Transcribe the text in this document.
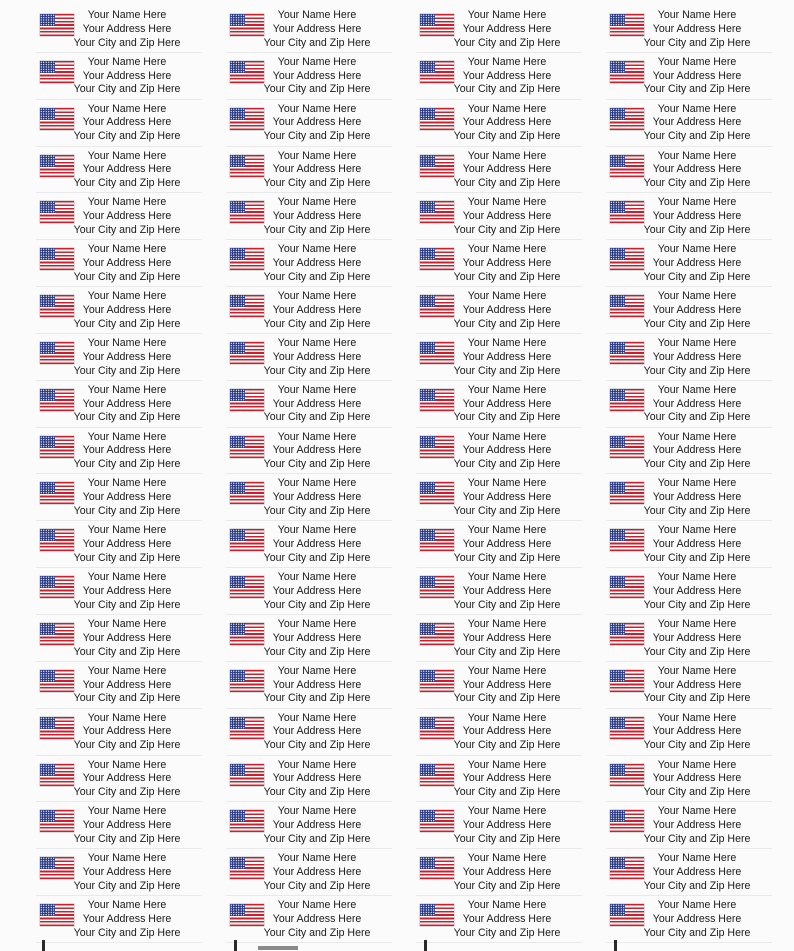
Your Name Here
Your Address Here
Your City and Zip Here
Your Name Here
Your Address Here
Your City and Zip Here
Your Name Here
Your Address Here
Your City and Zip Here
Your Name Here
Your Address Here
Your City and Zip Here
Your Name Here
Your Address Here
Your City and Zip Here
Your Name Here
Your Address Here
Your City and Zip Here
Your Name Here
Your Address Here
Your City and Zip Here
Your Name Here
Your Address Here
Your City and Zip Here
Your Name Here
Your Address Here
Your City and Zip Here
Your Name Here
Your Address Here
Your City and Zip Here
Your Name Here
Your Address Here
Your City and Zip Here
Your Name Here
Your Address Here
Your City and Zip Here
Your Name Here
Your Address Here
Your City and Zip Here
Your Name Here
Your Address Here
Your City and Zip Here
Your Name Here
Your Address Here
Your City and Zip Here
Your Name Here
Your Address Here
Your City and Zip Here
Your Name Here
Your Address Here
Your City and Zip Here
Your Name Here
Your Address Here
Your City and Zip Here
Your Name Here
Your Address Here
Your City and Zip Here
Your Name Here
Your Address Here
Your City and Zip Here
Your Name Here
Your Address Here
Your City and Zip Here
Your Name Here
Your Address Here
Your City and Zip Here
Your Name Here
Your Address Here
Your City and Zip Here
Your Name Here
Your Address Here
Your City and Zip Here
Your Name Here
Your Address Here
Your City and Zip Here
Your Name Here
Your Address Here
Your City and Zip Here
Your Name Here
Your Address Here
Your City and Zip Here
Your Name Here
Your Address Here
Your City and Zip Here
Your Name Here
Your Address Here
Your City and Zip Here
Your Name Here
Your Address Here
Your City and Zip Here
Your Name Here
Your Address Here
Your City and Zip Here
Your Name Here
Your Address Here
Your City and Zip Here
Your Name Here
Your Address Here
Your City and Zip Here
Your Name Here
Your Address Here
Your City and Zip Here
Your Name Here
Your Address Here
Your City and Zip Here
Your Name Here
Your Address Here
Your City and Zip Here
Your Name Here
Your Address Here
Your City and Zip Here
Your Name Here
Your Address Here
Your City and Zip Here
Your Name Here
Your Address Here
Your City and Zip Here
Your Name Here
Your Address Here
Your City and Zip Here
Your Name Here
Your Address Here
Your City and Zip Here
Your Name Here
Your Address Here
Your City and Zip Here
Your Name Here
Your Address Here
Your City and Zip Here
Your Name Here
Your Address Here
Your City and Zip Here
Your Name Here
Your Address Here
Your City and Zip Here
Your Name Here
Your Address Here
Your City and Zip Here
Your Name Here
Your Address Here
Your City and Zip Here
Your Name Here
Your Address Here
Your City and Zip Here
Your Name Here
Your Address Here
Your City and Zip Here
Your Name Here
Your Address Here
Your City and Zip Here
Your Name Here
Your Address Here
Your City and Zip Here
Your Name Here
Your Address Here
Your City and Zip Here
Your Name Here
Your Address Here
Your City and Zip Here
Your Name Here
Your Address Here
Your City and Zip Here
Your Name Here
Your Address Here
Your City and Zip Here
Your Name Here
Your Address Here
Your City and Zip Here
Your Name Here
Your Address Here
Your City and Zip Here
Your Name Here
Your Address Here
Your City and Zip Here
Your Name Here
Your Address Here
Your City and Zip Here
Your Name Here
Your Address Here
Your City and Zip Here
Your Name Here
Your Address Here
Your City and Zip Here
Your Name Here
Your Address Here
Your City and Zip Here
Your Name Here
Your Address Here
Your City and Zip Here
Your Name Here
Your Address Here
Your City and Zip Here
Your Name Here
Your Address Here
Your City and Zip Here
Your Name Here
Your Address Here
Your City and Zip Here
Your Name Here
Your Address Here
Your City and Zip Here
Your Name Here
Your Address Here
Your City and Zip Here
Your Name Here
Your Address Here
Your City and Zip Here
Your Name Here
Your Address Here
Your City and Zip Here
Your Name Here
Your Address Here
Your City and Zip Here
Your Name Here
Your Address Here
Your City and Zip Here
Your Name Here
Your Address Here
Your City and Zip Here
Your Name Here
Your Address Here
Your City and Zip Here
Your Name Here
Your Address Here
Your City and Zip Here
Your Name Here
Your Address Here
Your City and Zip Here
Your Name Here
Your Address Here
Your City and Zip Here
Your Name Here
Your Address Here
Your City and Zip Here
Your Name Here
Your Address Here
Your City and Zip Here
Your Name Here
Your Address Here
Your City and Zip Here
